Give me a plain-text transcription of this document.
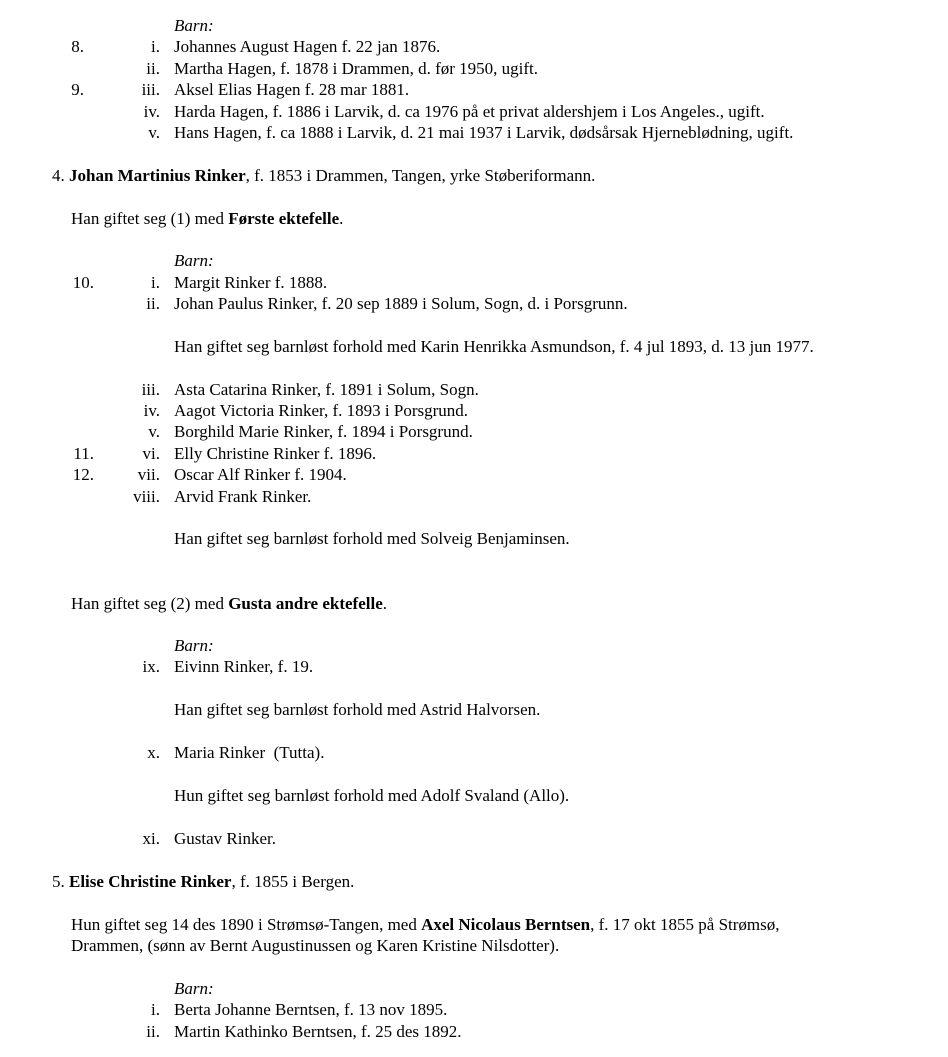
Barn:
8.	i. Johannes August Hagen f. 22 jan 1876.
ii. Martha Hagen, f. 1878 i Drammen, d. før 1950, ugift.
9.	iii. Aksel Elias Hagen f. 28 mar 1881.
iv. Harda Hagen, f. 1886 i Larvik, d. ca 1976 på et privat aldershjem i Los Angeles., ugift.
v. Hans Hagen, f. ca 1888 i Larvik, d. 21 mai 1937 i Larvik, dødsårsak Hjerneblødning, ugift.
4. Johan Martinius Rinker, f. 1853 i Drammen, Tangen, yrke Støberiformann.
Han giftet seg (1) med Første ektefelle.
Barn:
10.	i. Margit Rinker f. 1888.
ii. Johan Paulus Rinker, f. 20 sep 1889 i Solum, Sogn, d. i Porsgrunn.
Han giftet seg barnløst forhold med Karin Henrikka Asmundson, f. 4 jul 1893, d. 13 jun 1977.
iii. Asta Catarina Rinker, f. 1891 i Solum, Sogn.
iv. Aagot Victoria Rinker, f. 1893 i Porsgrund.
v. Borghild Marie Rinker, f. 1894 i Porsgrund.
11.	vi. Elly Christine Rinker f. 1896.
12.	vii. Oscar Alf Rinker f. 1904.
viii. Arvid Frank Rinker.
Han giftet seg barnløst forhold med Solveig Benjaminsen.
Han giftet seg (2) med Gusta andre ektefelle.
Barn:
ix. Eivinn Rinker, f. 19.
Han giftet seg barnløst forhold med Astrid Halvorsen.
x. Maria Rinker  (Tutta).
Hun giftet seg barnløst forhold med Adolf Svaland (Allo).
xi. Gustav Rinker.
5. Elise Christine Rinker, f. 1855 i Bergen.
Hun giftet seg 14 des 1890 i Strømsø-Tangen, med Axel Nicolaus Berntsen, f. 17 okt 1855 på Strømsø,
Drammen, (sønn av Bernt Augustinussen og Karen Kristine Nilsdotter).
Barn:
i. Berta Johanne Berntsen, f. 13 nov 1895.
ii. Martin Kathinko Berntsen, f. 25 des 1892.
